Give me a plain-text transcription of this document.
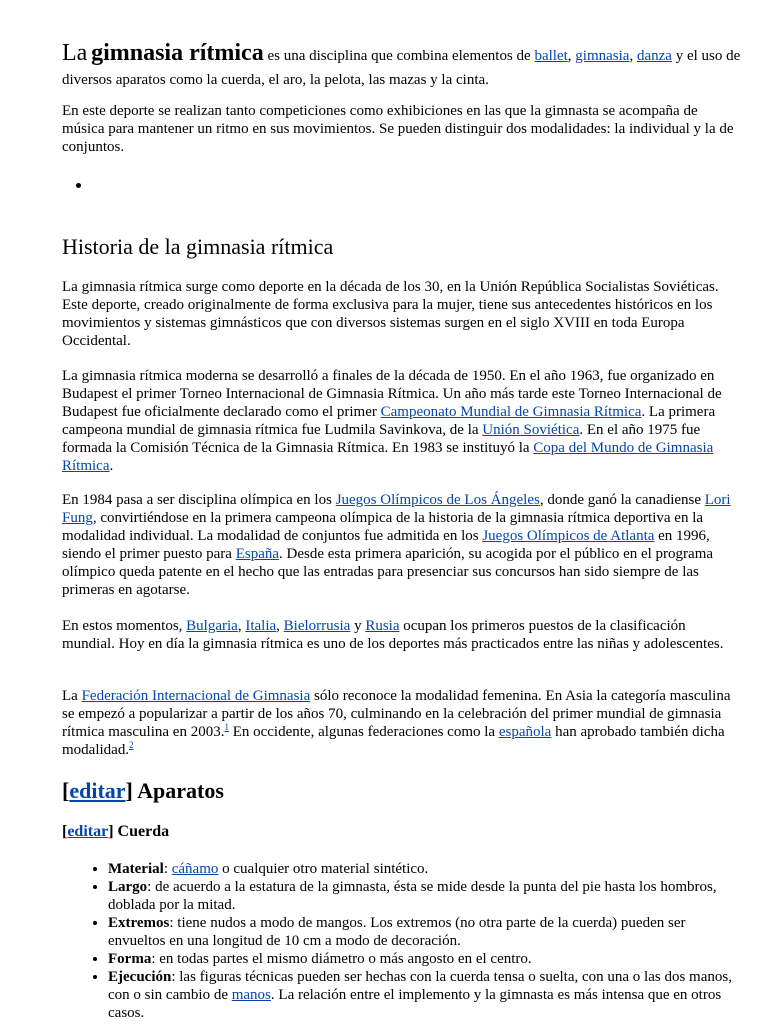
La gimnasia rítmica es una disciplina que combina elementos de ballet, gimnasia, danza y el uso de diversos aparatos como la cuerda, el aro, la pelota, las mazas y la cinta.

En este deporte se realizan tanto competiciones como exhibiciones en las que la gimnasta se acompaña de música para mantener un ritmo en sus movimientos. Se pueden distinguir dos modalidades: la individual y la de conjuntos.

Historia de la gimnasia rítmica

La gimnasia rítmica surge como deporte en la década de los 30, en la Unión República Socialistas Soviéticas. Este deporte, creado originalmente de forma exclusiva para la mujer, tiene sus antecedentes históricos en los movimientos y sistemas gimnásticos que con diversos sistemas surgen en el siglo XVIII en toda Europa Occidental.

La gimnasia rítmica moderna se desarrolló a finales de la década de 1950. En el año 1963, fue organizado en Budapest el primer Torneo Internacional de Gimnasia Rítmica. Un año más tarde este Torneo Internacional de Budapest fue oficialmente declarado como el primer Campeonato Mundial de Gimnasia Rítmica. La primera campeona mundial de gimnasia rítmica fue Ludmila Savinkova, de la Unión Soviética. En el año 1975 fue formada la Comisión Técnica de la Gimnasia Rítmica. En 1983 se instituyó la Copa del Mundo de Gimnasia Rítmica.

En 1984 pasa a ser disciplina olímpica en los Juegos Olímpicos de Los Ángeles, donde ganó la canadiense Lori Fung, convirtiéndose en la primera campeona olímpica de la historia de la gimnasia rítmica deportiva en la modalidad individual. La modalidad de conjuntos fue admitida en los Juegos Olímpicos de Atlanta en 1996, siendo el primer puesto para España. Desde esta primera aparición, su acogida por el público en el programa olímpico queda patente en el hecho que las entradas para presenciar sus concursos han sido siempre de las primeras en agotarse.

En estos momentos, Bulgaria, Italia, Bielorrusia y Rusia ocupan los primeros puestos de la clasificación mundial. Hoy en día la gimnasia rítmica es uno de los deportes más practicados entre las niñas y adolescentes.

La Federación Internacional de Gimnasia sólo reconoce la modalidad femenina. En Asia la categoría masculina se empezó a popularizar a partir de los años 70, culminando en la celebración del primer mundial de gimnasia rítmica masculina en 2003.$^1$ En occidente, algunas federaciones como la española han aprobado también dicha modalidad.$^2$

[editar] Aparatos
[editar] Cuerda
• Material: cáñamo o cualquier otro material sintético.
• Largo: de acuerdo a la estatura de la gimnasta, ésta se mide desde la punta del pie hasta los hombros, doblada por la mitad.
• Extremos: tiene nudos a modo de mangos. Los extremos (no otra parte de la cuerda) pueden ser envueltos en una longitud de 10 cm a modo de decoración.
• Forma: en todas partes el mismo diámetro o más angosto en el centro.
• Ejecución: las figuras técnicas pueden ser hechas con la cuerda tensa o suelta, con una o las dos manos, con o sin cambio de manos. La relación entre el implemento y la gimnasta es más intensa que en otros casos.
